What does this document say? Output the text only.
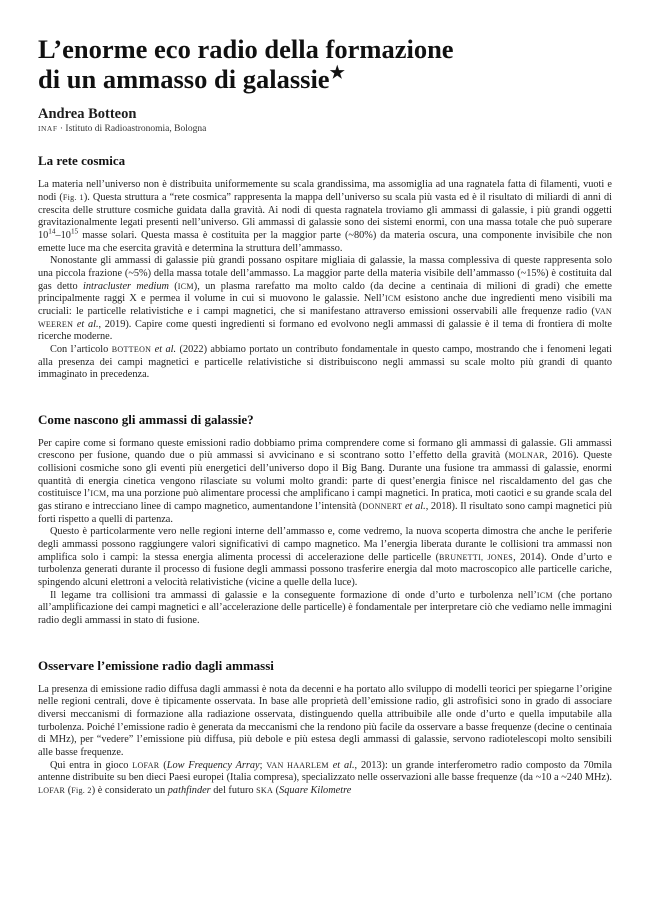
L’enorme eco radio della formazione
di un ammasso di galassie★

Andrea Botteon

INAF · Istituto di Radioastronomia, Bologna

La rete cosmica

La materia nell’universo non è distribuita uniformemente su scala grandissima, ma assomiglia ad una ragnatela fatta di filamenti, vuoti e nodi (Fig. 1). Questa struttura a “rete cosmica” rappresenta la mappa dell’universo su scala più vasta ed è il risultato di miliardi di anni di crescita delle strutture cosmiche guidata dalla gravità. Ai nodi di questa ragnatela troviamo gli ammassi di galassie, i più grandi oggetti gravitazionalmente legati presenti nell’universo. Gli ammassi di galassie sono dei sistemi enormi, con una massa totale che può superare $10^{14}-10^{15}$ masse solari. Questa massa è costituita per la maggior parte (~80%) da materia oscura, una componente invisibile che non emette luce ma che esercita gravità e determina la struttura dell’ammasso.

Nonostante gli ammassi di galassie più grandi possano ospitare migliaia di galassie, la massa complessiva di queste rappresenta solo una piccola frazione (~5%) della massa totale dell’ammasso. La maggior parte della materia visibile dell’ammasso (~15%) è costituita dal gas detto intracluster medium (ICM), un plasma rarefatto ma molto caldo (da decine a centinaia di milioni di gradi) che emette principalmente raggi X e permea il volume in cui si muovono le galassie. Nell’ICM esistono anche due ingredienti meno visibili ma cruciali: le particelle relativistiche e i campi magnetici, che si manifestano attraverso emissioni osservabili alle frequenze radio (VAN WEEREN et al., 2019). Capire come questi ingredienti si formano ed evolvono negli ammassi di galassie è il tema di frontiera di molte ricerche moderne.

Con l’articolo BOTTEON et al. (2022) abbiamo portato un contributo fondamentale in questo campo, mostrando che i fenomeni legati alla presenza dei campi magnetici e particelle relativistiche si distribuiscono negli ammassi su scale molto più grandi di quanto immaginato in precedenza.

Come nascono gli ammassi di galassie?

Per capire come si formano queste emissioni radio dobbiamo prima comprendere come si formano gli ammassi di galassie. Gli ammassi crescono per fusione, quando due o più ammassi si avvicinano e si scontrano sotto l’effetto della gravità (MOLNAR, 2016). Queste collisioni cosmiche sono gli eventi più energetici dell’universo dopo il Big Bang. Durante una fusione tra ammassi di galassie, enormi quantità di energia cinetica vengono rilasciate su volumi molto grandi: parte di quest’energia finisce nel riscaldamento del gas che costituisce l’ICM, ma una porzione può alimentare processi che amplificano i campi magnetici. In pratica, moti caotici e su grande scala del gas stirano e intrecciano linee di campo magnetico, aumentandone l’intensità (DONNERT et al., 2018). Il risultato sono campi magnetici più forti rispetto a quelli di partenza.

Questo è particolarmente vero nelle regioni interne dell’ammasso e, come vedremo, la nuova scoperta dimostra che anche le periferie degli ammassi possono raggiungere valori significativi di campo magnetico. Ma l’energia liberata durante le collisioni tra ammassi non amplifica solo i campi: la stessa energia alimenta processi di accelerazione delle particelle (BRUNETTI, JONES, 2014). Onde d’urto e turbolenza generati durante il processo di fusione degli ammassi possono trasferire energia dal moto macroscopico alle particelle cariche, spingendo alcuni elettroni a velocità relativistiche (vicine a quelle della luce).

Il legame tra collisioni tra ammassi di galassie e la conseguente formazione di onde d’urto e turbolenza nell’ICM (che portano all’amplificazione dei campi magnetici e all’accelerazione delle particelle) è fondamentale per interpretare ciò che vediamo nelle immagini radio degli ammassi in stato di fusione.

Osservare l’emissione radio dagli ammassi

La presenza di emissione radio diffusa dagli ammassi è nota da decenni e ha portato allo sviluppo di modelli teorici per spiegarne l’origine nelle regioni centrali, dove è tipicamente osservata. In base alle proprietà dell’emissione radio, gli astrofisici sono in grado di associare diversi meccanismi di formazione alla radiazione osservata, distinguendo quella attribuibile alle onde d’urto e quella imputabile alla turbolenza. Poiché l’emissione radio è generata da meccanismi che la rendono più facile da osservare a basse frequenze (decine o centinaia di MHz), per “vedere” l’emissione più diffusa, più debole e più estesa degli ammassi di galassie, servono radiotelescopi molto sensibili alle basse frequenze.

Qui entra in gioco LOFAR (Low Frequency Array; VAN HAARLEM et al., 2013): un grande interferometro radio composto da 70mila antenne distribuite su ben dieci Paesi europei (Italia compresa), specializzato nelle osservazioni alle basse frequenze (da ~10 a ~240 MHz). LOFAR (Fig. 2) è considerato un pathfinder del futuro SKA (Square Kilometre
